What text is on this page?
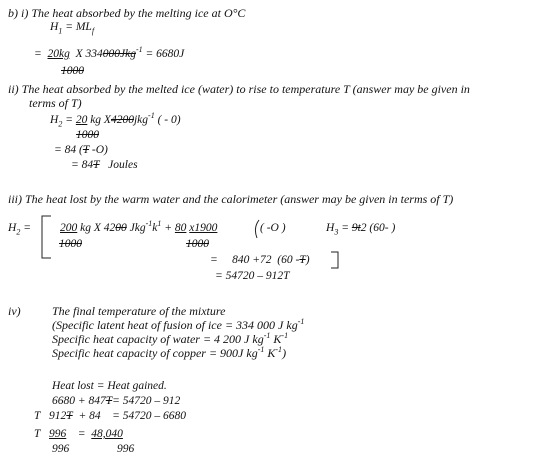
b) i) The heat absorbed by the melting ice at O°C
$H_1 = ML_f$
=  20kg  X 334000Jkg$^{-1}$ = 6680J
1000
ii) The heat absorbed by the melted ice (water) to rise to temperature T (answer may be given in
terms of T)
$H_2 = 20$ kg X4200jkg$^{-1}$ ( - 0)
1000
= 84 (T -O)
= 84T   Joules
iii) The heat lost by the warm water and the calorimeter (answer may be given in terms of T)
$H_2$ =	200 kg X 4200 $Jkg^{-1}k^1 + 80$ x1900	( -O )	$H_3 = 9t2$ (60- )
1000	1000
=     840 +72  (60 -T)
= 54720 – 912T
iv)	The final temperature of the mixture
(Specific latent heat of fusion of ice = 334 000 J $kg^{-1}$
Specific heat capacity of water = 4 200 J $kg^{-1}$ $K^{-1}$
Specific heat capacity of copper = 900J $kg^{-1}$ $K^{-1}$)
Heat lost = Heat gained.
6680 + 847T= 54720 – 912
T   912T  + 84    = 54720 – 6680
T   996    =  48,040
996	996
